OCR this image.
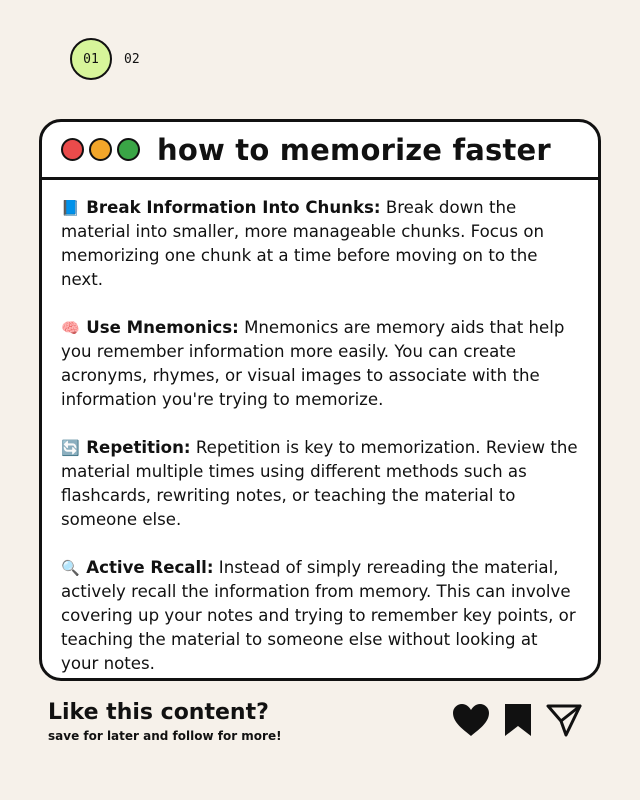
01 02
how to memorize faster

📘 Break Information Into Chunks: Break down the material into smaller, more manageable chunks. Focus on memorizing one chunk at a time before moving on to the next.

🧠 Use Mnemonics: Mnemonics are memory aids that help you remember information more easily. You can create acronyms, rhymes, or visual images to associate with the information you're trying to memorize.

🔄 Repetition: Repetition is key to memorization. Review the material multiple times using different methods such as flashcards, rewriting notes, or teaching the material to someone else.

🔍 Active Recall: Instead of simply rereading the material, actively recall the information from memory. This can involve covering up your notes and trying to remember key points, or teaching the material to someone else without looking at your notes.

Like this content?
save for later and follow for more!
